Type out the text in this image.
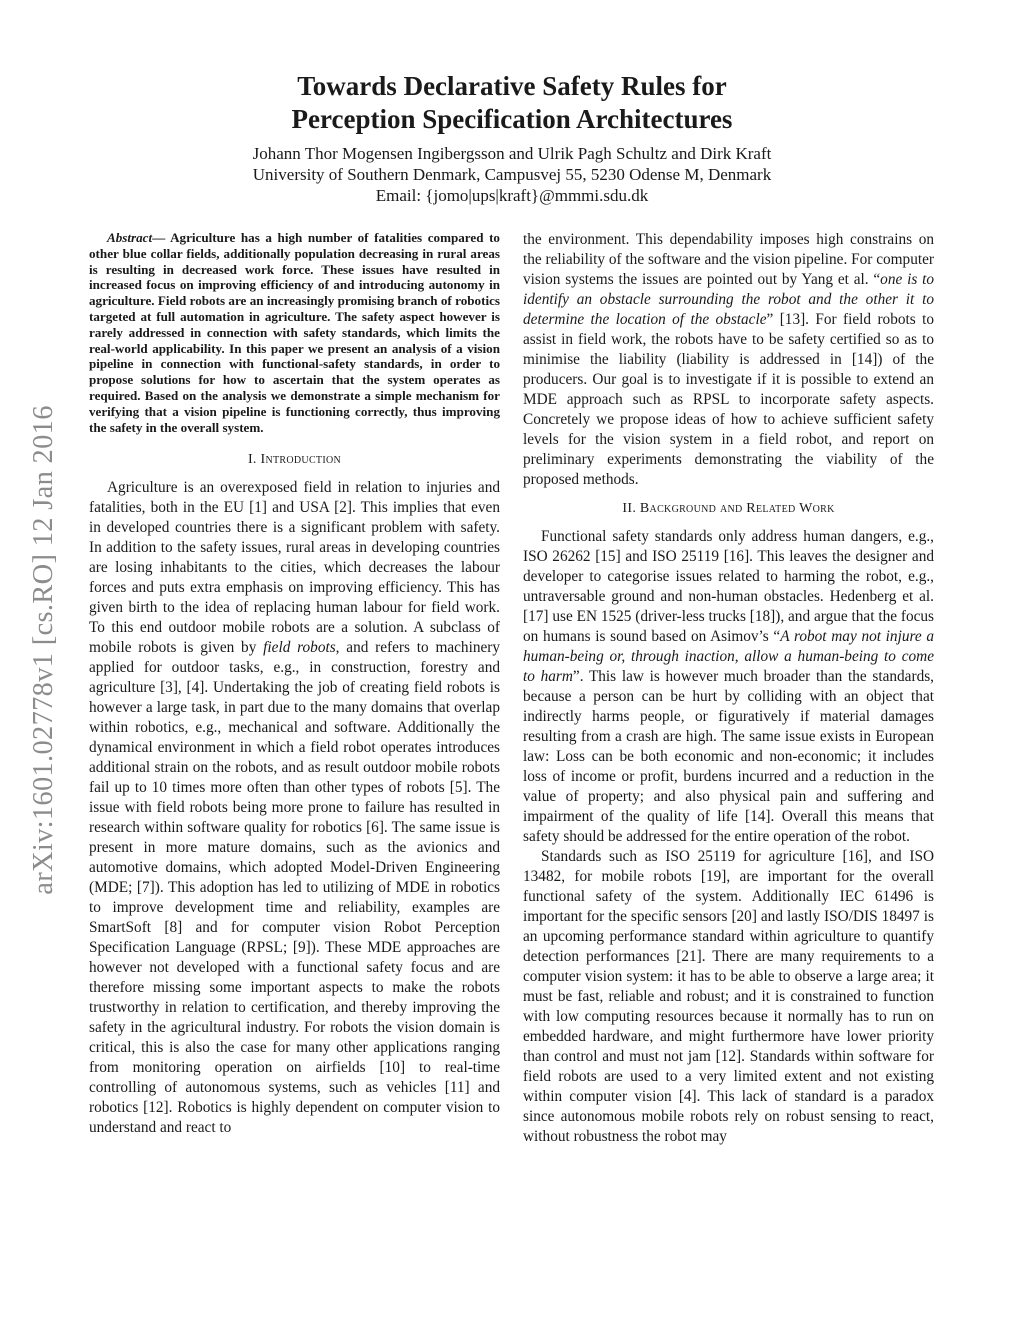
arXiv:1601.02778v1 [cs.RO] 12 Jan 2016
Towards Declarative Safety Rules for
Perception Specification Architectures
Johann Thor Mogensen Ingibergsson and Ulrik Pagh Schultz and Dirk Kraft
University of Southern Denmark, Campusvej 55, 5230 Odense M, Denmark
Email: {jomo|ups|kraft}@mmmi.sdu.dk

Abstract— Agriculture has a high number of fatalities compared to other blue collar fields, additionally population decreasing in rural areas is resulting in decreased work force. These issues have resulted in increased focus on improving efficiency of and introducing autonomy in agriculture. Field robots are an increasingly promising branch of robotics targeted at full automation in agriculture. The safety aspect however is rarely addressed in connection with safety standards, which limits the real-world applicability. In this paper we present an analysis of a vision pipeline in connection with functional-safety standards, in order to propose solutions for how to ascertain that the system operates as required. Based on the analysis we demonstrate a simple mechanism for verifying that a vision pipeline is functioning correctly, thus improving the safety in the overall system.

I. Introduction

Agriculture is an overexposed field in relation to injuries and fatalities, both in the EU [1] and USA [2]. This implies that even in developed countries there is a significant problem with safety. In addition to the safety issues, rural areas in developing countries are losing inhabitants to the cities, which decreases the labour forces and puts extra emphasis on improving efficiency. This has given birth to the idea of replacing human labour for field work. To this end outdoor mobile robots are a solution. A subclass of mobile robots is given by field robots, and refers to machinery applied for outdoor tasks, e.g., in construction, forestry and agriculture [3], [4]. Undertaking the job of creating field robots is however a large task, in part due to the many domains that overlap within robotics, e.g., mechanical and software. Additionally the dynamical environment in which a field robot operates introduces additional strain on the robots, and as result outdoor mobile robots fail up to 10 times more often than other types of robots [5]. The issue with field robots being more prone to failure has resulted in research within software quality for robotics [6]. The same issue is present in more mature domains, such as the avionics and automotive domains, which adopted Model-Driven Engineering (MDE; [7]). This adoption has led to utilizing of MDE in robotics to improve development time and reliability, examples are SmartSoft [8] and for computer vision Robot Perception Specification Language (RPSL; [9]). These MDE approaches are however not developed with a functional safety focus and are therefore missing some important aspects to make the robots trustworthy in relation to certification, and thereby improving the safety in the agricultural industry. For robots the vision domain is critical, this is also the case for many other applications ranging from monitoring operation on airfields [10] to real-time controlling of autonomous systems, such as vehicles [11] and robotics [12]. Robotics is highly dependent on computer vision to understand and react to

the environment. This dependability imposes high constrains on the reliability of the software and the vision pipeline. For computer vision systems the issues are pointed out by Yang et al. “one is to identify an obstacle surrounding the robot and the other it to determine the location of the obstacle” [13]. For field robots to assist in field work, the robots have to be safety certified so as to minimise the liability (liability is addressed in [14]) of the producers. Our goal is to investigate if it is possible to extend an MDE approach such as RPSL to incorporate safety aspects. Concretely we propose ideas of how to achieve sufficient safety levels for the vision system in a field robot, and report on preliminary experiments demonstrating the viability of the proposed methods.

II. Background and Related Work

Functional safety standards only address human dangers, e.g., ISO 26262 [15] and ISO 25119 [16]. This leaves the designer and developer to categorise issues related to harming the robot, e.g., untraversable ground and non-human obstacles. Hedenberg et al. [17] use EN 1525 (driver-less trucks [18]), and argue that the focus on humans is sound based on Asimov’s “A robot may not injure a human-being or, through inaction, allow a human-being to come to harm”. This law is however much broader than the standards, because a person can be hurt by colliding with an object that indirectly harms people, or figuratively if material damages resulting from a crash are high. The same issue exists in European law: Loss can be both economic and non-economic; it includes loss of income or profit, burdens incurred and a reduction in the value of property; and also physical pain and suffering and impairment of the quality of life [14]. Overall this means that safety should be addressed for the entire operation of the robot.

Standards such as ISO 25119 for agriculture [16], and ISO 13482, for mobile robots [19], are important for the overall functional safety of the system. Additionally IEC 61496 is important for the specific sensors [20] and lastly ISO/DIS 18497 is an upcoming performance standard within agriculture to quantify detection performances [21]. There are many requirements to a computer vision system: it has to be able to observe a large area; it must be fast, reliable and robust; and it is constrained to function with low computing resources because it normally has to run on embedded hardware, and might furthermore have lower priority than control and must not jam [12]. Standards within software for field robots are used to a very limited extent and not existing within computer vision [4]. This lack of standard is a paradox since autonomous mobile robots rely on robust sensing to react, without robustness the robot may
